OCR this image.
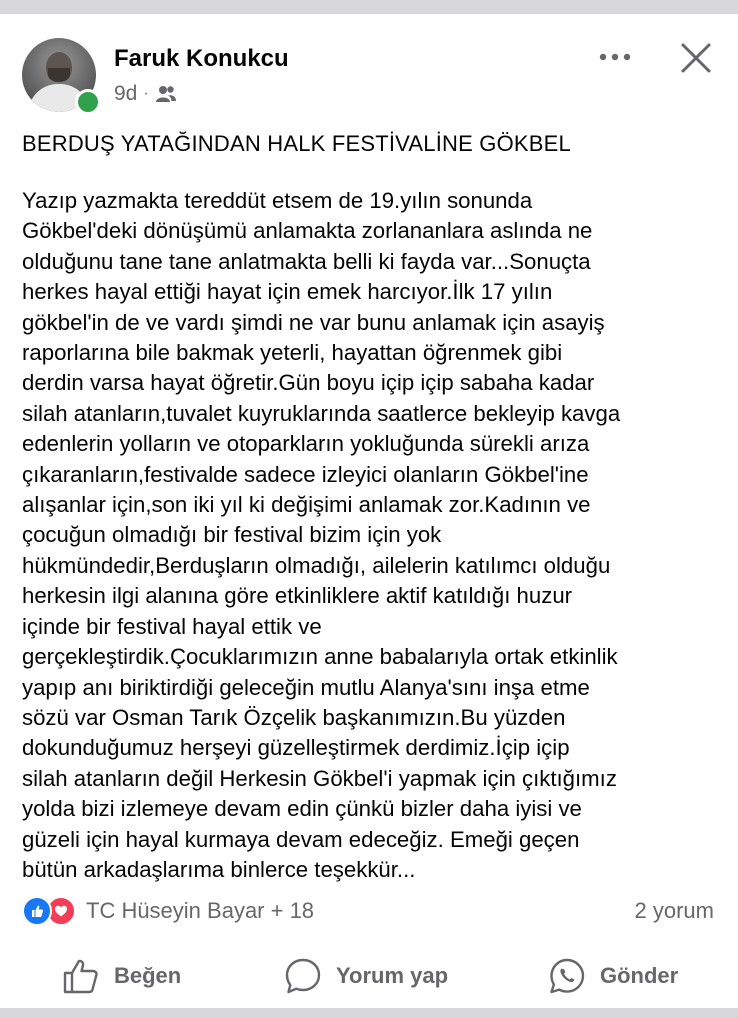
Faruk Konukcu
9d ·
BERDUŞ YATAĞINDAN HALK FESTİVALİNE GÖKBEL
Yazıp yazmakta tereddüt etsem de 19.yılın sonunda
Gökbel'deki dönüşümü anlamakta zorlananlara aslında ne
olduğunu tane tane anlatmakta belli ki fayda var...Sonuçta
herkes hayal ettiği hayat için emek harcıyor.İlk 17 yılın
gökbel'in de ve vardı şimdi ne var bunu anlamak için asayiş
raporlarına bile bakmak yeterli, hayattan öğrenmek gibi
derdin varsa hayat öğretir.Gün boyu içip içip sabaha kadar
silah atanların,tuvalet kuyruklarında saatlerce bekleyip kavga
edenlerin yolların ve otoparkların yokluğunda sürekli arıza
çıkaranların,festivalde sadece izleyici olanların Gökbel'ine
alışanlar için,son iki yıl ki değişimi anlamak zor.Kadının ve
çocuğun olmadığı bir festival bizim için yok
hükmündedir,Berduşların olmadığı, ailelerin katılımcı olduğu
herkesin ilgi alanına göre etkinliklere aktif katıldığı huzur
içinde bir festival hayal ettik ve
gerçekleştirdik.Çocuklarımızın anne babalarıyla ortak etkinlik
yapıp anı biriktirdiği geleceğin mutlu Alanya'sını inşa etme
sözü var Osman Tarık Özçelik başkanımızın.Bu yüzden
dokunduğumuz herşeyi güzelleştirmek derdimiz.İçip içip
silah atanların değil Herkesin Gökbel'i yapmak için çıktığımız
yolda bizi izlemeye devam edin çünkü bizler daha iyisi ve
güzeli için hayal kurmaya devam edeceğiz. Emeği geçen
bütün arkadaşlarıma binlerce teşekkür...
TC Hüseyin Bayar + 18	2 yorum
Beğen	Yorum yap	Gönder
